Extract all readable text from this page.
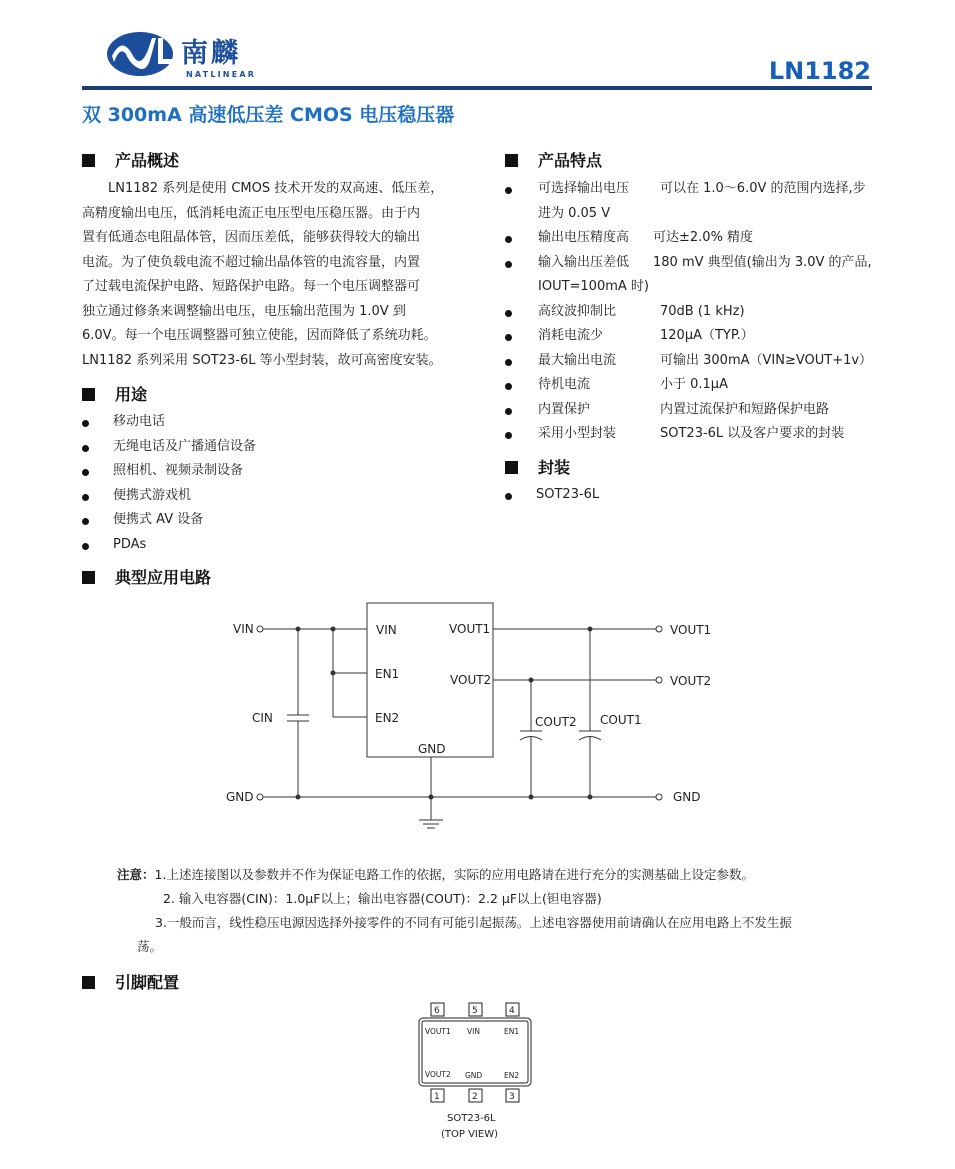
南麟
NATLINEAR	LN1182
双 300mA 高速低压差 CMOS 电压稳压器
产品概述
LN1182 系列是使用 CMOS 技术开发的双高速、低压差，
高精度输出电压，低消耗电流正电压型电压稳压器。由于内
置有低通态电阻晶体管，因而压差低，能够获得较大的输出
电流。为了使负载电流不超过输出晶体管的电流容量，内置
了过载电流保护电路、短路保护电路。每一个电压调整器可
独立通过修条来调整输出电压，电压输出范围为 1.0V 到
6.0V。每一个电压调整器可独立使能，因而降低了系统功耗。
LN1182 系列采用 SOT23-6L 等小型封装，故可高密度安装。
用途
移动电话
无绳电话及广播通信设备
照相机、视频录制设备
便携式游戏机
便携式 AV 设备
PDAs
产品特点
可选择输出电压 可以在 1.0～6.0V 的范围内选择,步
进为 0.05 V
输出电压精度高 可达±2.0% 精度
输入输出压差低 180 mV 典型值(输出为 3.0V 的产品,
IOUT=100mA 时)
高纹波抑制比	70dB (1 kHz)
消耗电流少	120μA（TYP.）
最大输出电流	可输出 300mA（VIN≥VOUT+1v）
待机电流	小于 0.1μA
内置保护	内置过流保护和短路保护电路
采用小型封装	SOT23-6L 以及客户要求的封装
封装
SOT23-6L
典型应用电路
VIN
GND
CIN
VIN
EN1
EN2
GND
VOUT1
VOUT2
COUT2 COUT1
VOUT1
VOUT2
GND
注意：1.上述连接图以及参数并不作为保证电路工作的依据，实际的应用电路请在进行充分的实测基础上设定参数。
2. 输入电容器(CIN)：1.0μF以上；输出电容器(COUT)：2.2 μF以上(钽电容器)
3.一般而言，线性稳压电源因选择外接零件的不同有可能引起振荡。上述电容器使用前请确认在应用电路上不发生振
荡。
引脚配置
6	5	4
VOUT1 VIN	EN1
VOUT2 GND	EN2
1	2	3
SOT23-6L
(TOP VIEW)
